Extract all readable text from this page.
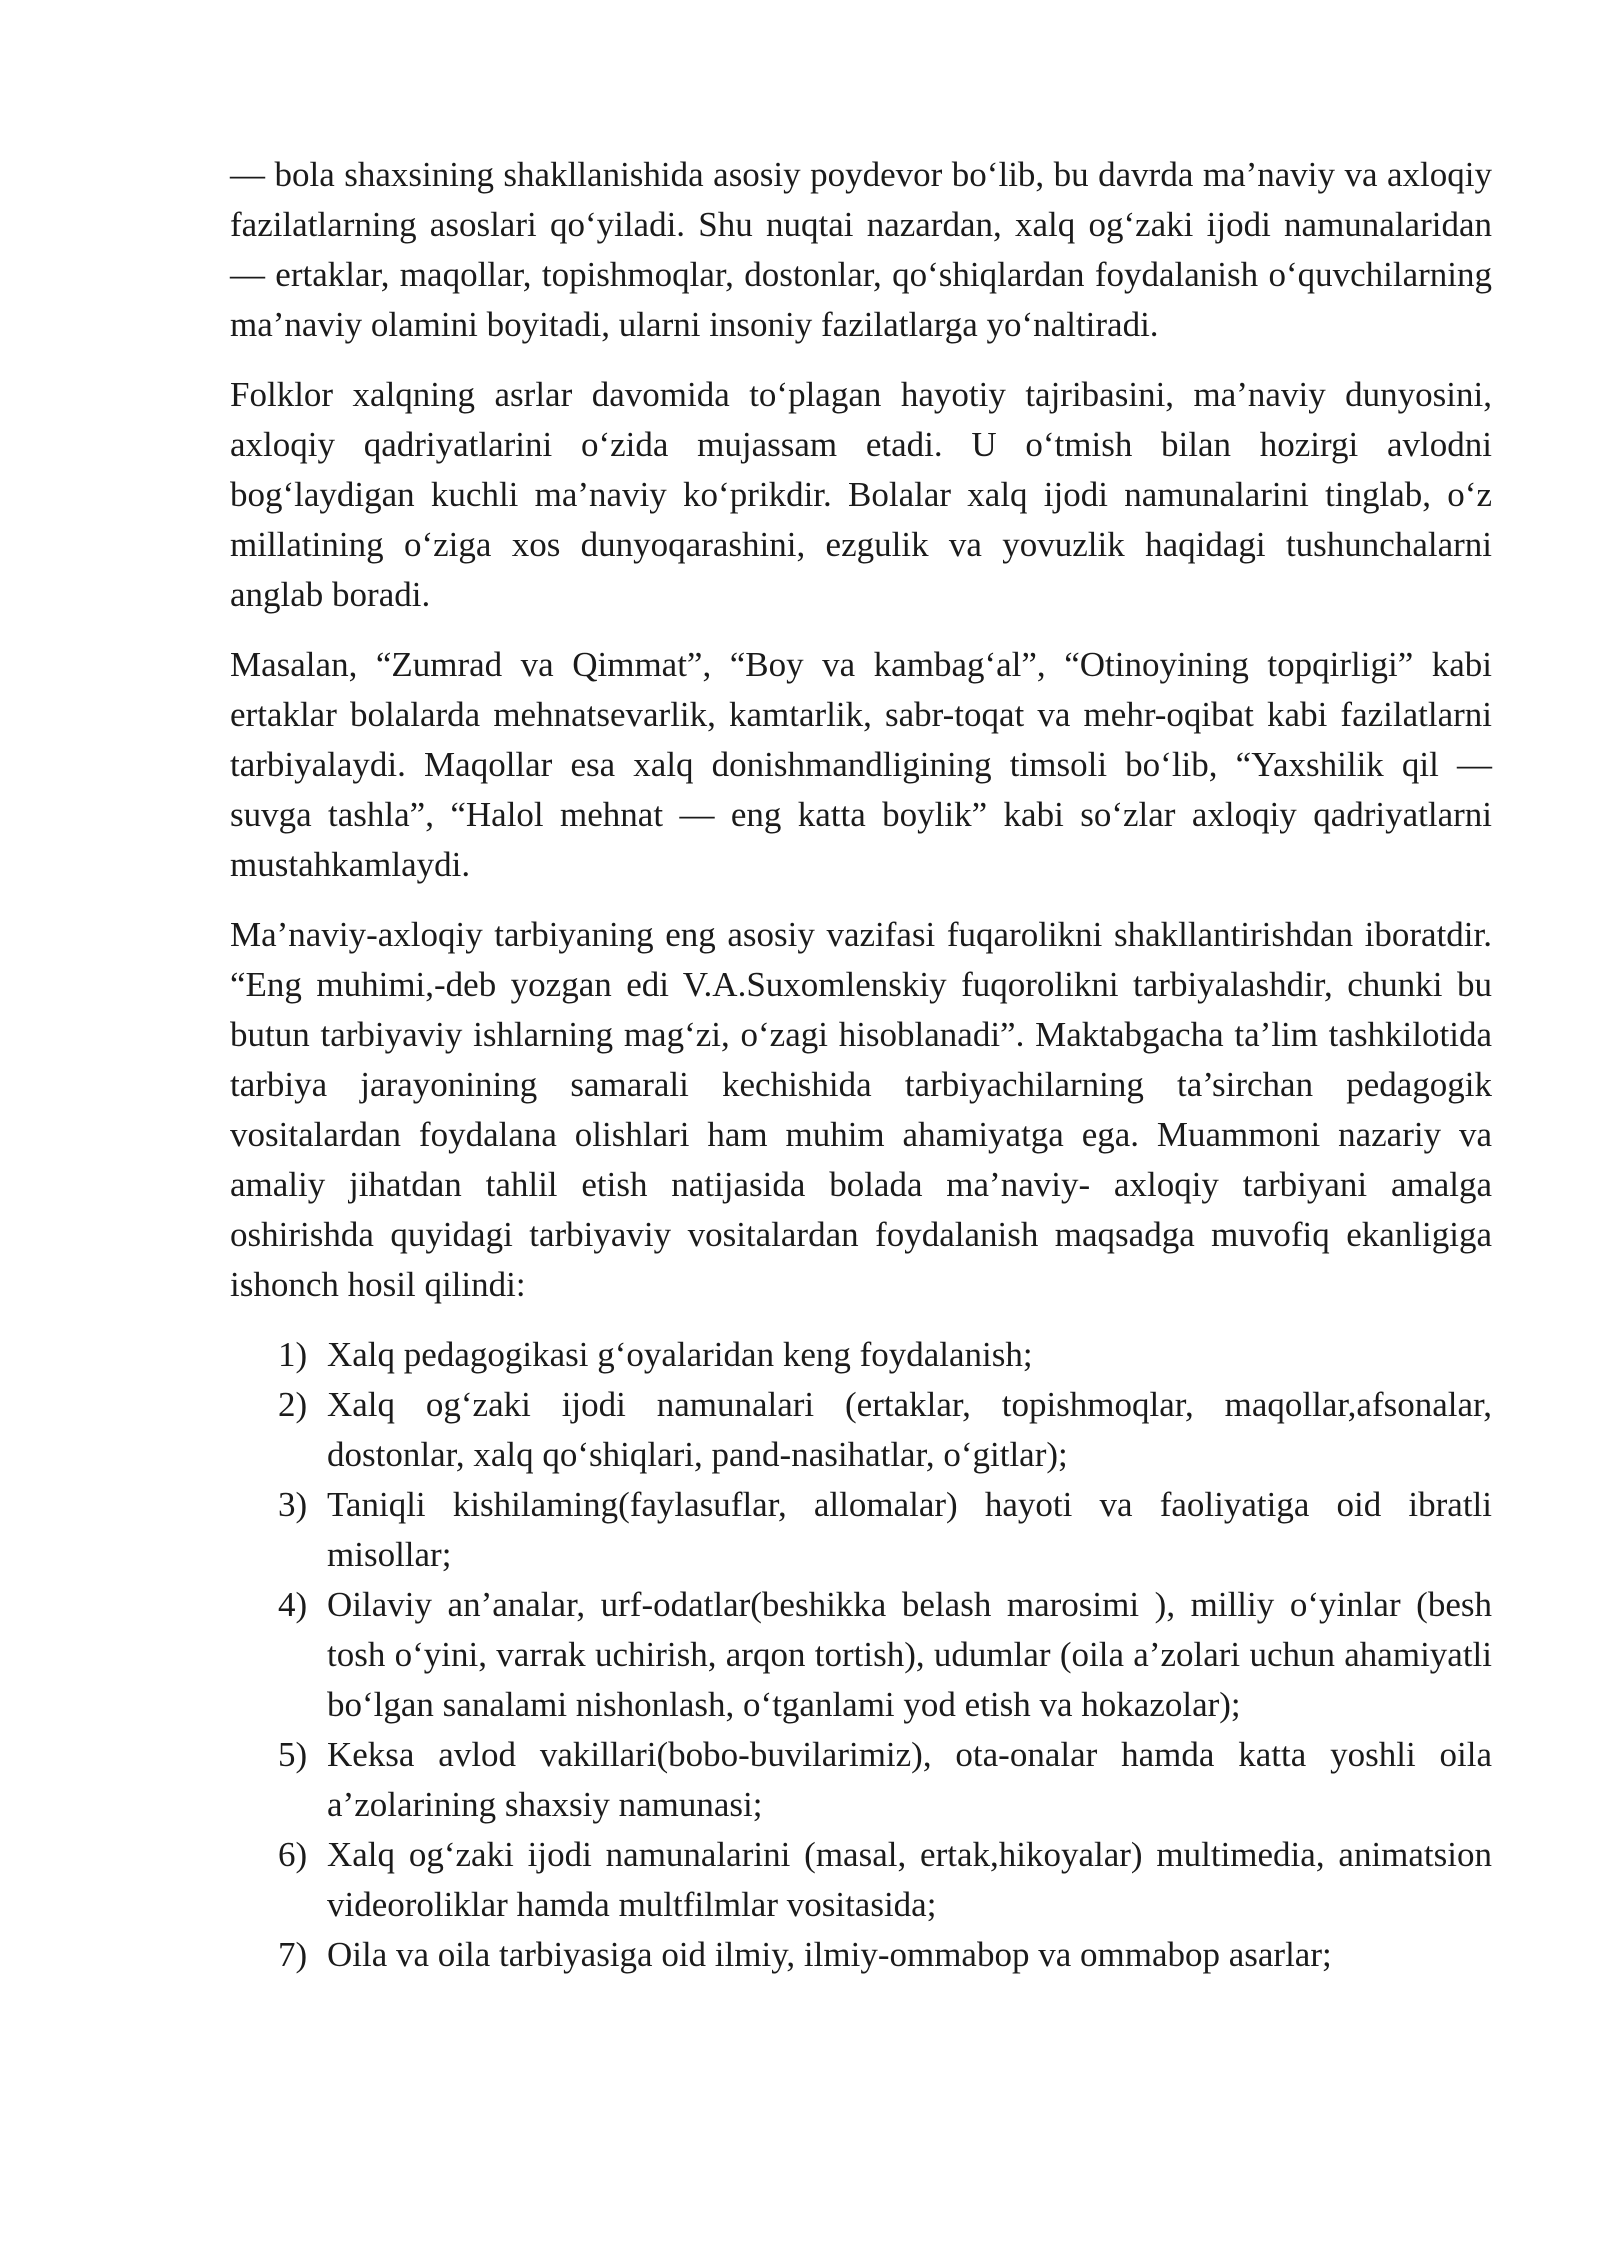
— bola shaxsining shakllanishida asosiy poydevor bo‘lib, bu davrda ma’naviy va axloqiy fazilatlarning asoslari qo‘yiladi. Shu nuqtai nazardan, xalq og‘zaki ijodi namunalaridan — ertaklar, maqollar, topishmoqlar, dostonlar, qo‘shiqlardan foydalanish o‘quvchilarning ma’naviy olamini boyitadi, ularni insoniy fazilatlarga yo‘naltiradi.

Folklor xalqning asrlar davomida to‘plagan hayotiy tajribasini, ma’naviy dunyosini, axloqiy qadriyatlarini o‘zida mujassam etadi. U o‘tmish bilan hozirgi avlodni bog‘laydigan kuchli ma’naviy ko‘prikdir. Bolalar xalq ijodi namunalarini tinglab, o‘z millatining o‘ziga xos dunyoqarashini, ezgulik va yovuzlik haqidagi tushunchalarni anglab boradi.

Masalan, “Zumrad va Qimmat”, “Boy va kambag‘al”, “Otinoyining topqirligi” kabi ertaklar bolalarda mehnatsevarlik, kamtarlik, sabr-toqat va mehr-oqibat kabi fazilatlarni tarbiyalaydi. Maqollar esa xalq donishmandligining timsoli bo‘lib, “Yaxshilik qil — suvga tashla”, “Halol mehnat — eng katta boylik” kabi so‘zlar axloqiy qadriyatlarni mustahkamlaydi.

Ma’naviy-axloqiy tarbiyaning eng asosiy vazifasi fuqarolikni shakllantirishdan iboratdir. “Eng muhimi,-deb yozgan edi V.A.Suxomlenskiy fuqorolikni tarbiyalashdir, chunki bu butun tarbiyaviy ishlarning mag‘zi, o‘zagi hisoblanadi”. Maktabgacha ta’lim tashkilotida tarbiya jarayonining samarali kechishida tarbiyachilarning ta’sirchan pedagogik vositalardan foydalana olishlari ham muhim ahamiyatga ega. Muammoni nazariy va amaliy jihatdan tahlil etish natijasida bolada ma’naviy- axloqiy tarbiyani amalga oshirishda quyidagi tarbiyaviy vositalardan foydalanish maqsadga muvofiq ekanligiga ishonch hosil qilindi:

1) Xalq pedagogikasi g‘oyalaridan keng foydalanish;
2) Xalq og‘zaki ijodi namunalari (ertaklar, topishmoqlar, maqollar,afsonalar, dostonlar, xalq qo‘shiqlari, pand-nasihatlar, o‘gitlar);
3) Taniqli kishilaming(faylasuflar, allomalar) hayoti va faoliyatiga oid ibratli misollar;
4) Oilaviy an’analar, urf-odatlar(beshikka belash marosimi ), milliy o‘yinlar (besh tosh o‘yini, varrak uchirish, arqon tortish), udumlar (oila a’zolari uchun ahamiyatli bo‘lgan sanalami nishonlash, o‘tganlami yod etish va hokazolar);
5) Keksa avlod vakillari(bobo-buvilarimiz), ota-onalar hamda katta yoshli oila a’zolarining shaxsiy namunasi;
6) Xalq og‘zaki ijodi namunalarini (masal, ertak,hikoyalar) multimedia, animatsion videoroliklar hamda multfilmlar vositasida;
7) Oila va oila tarbiyasiga oid ilmiy, ilmiy-ommabop va ommabop asarlar;
